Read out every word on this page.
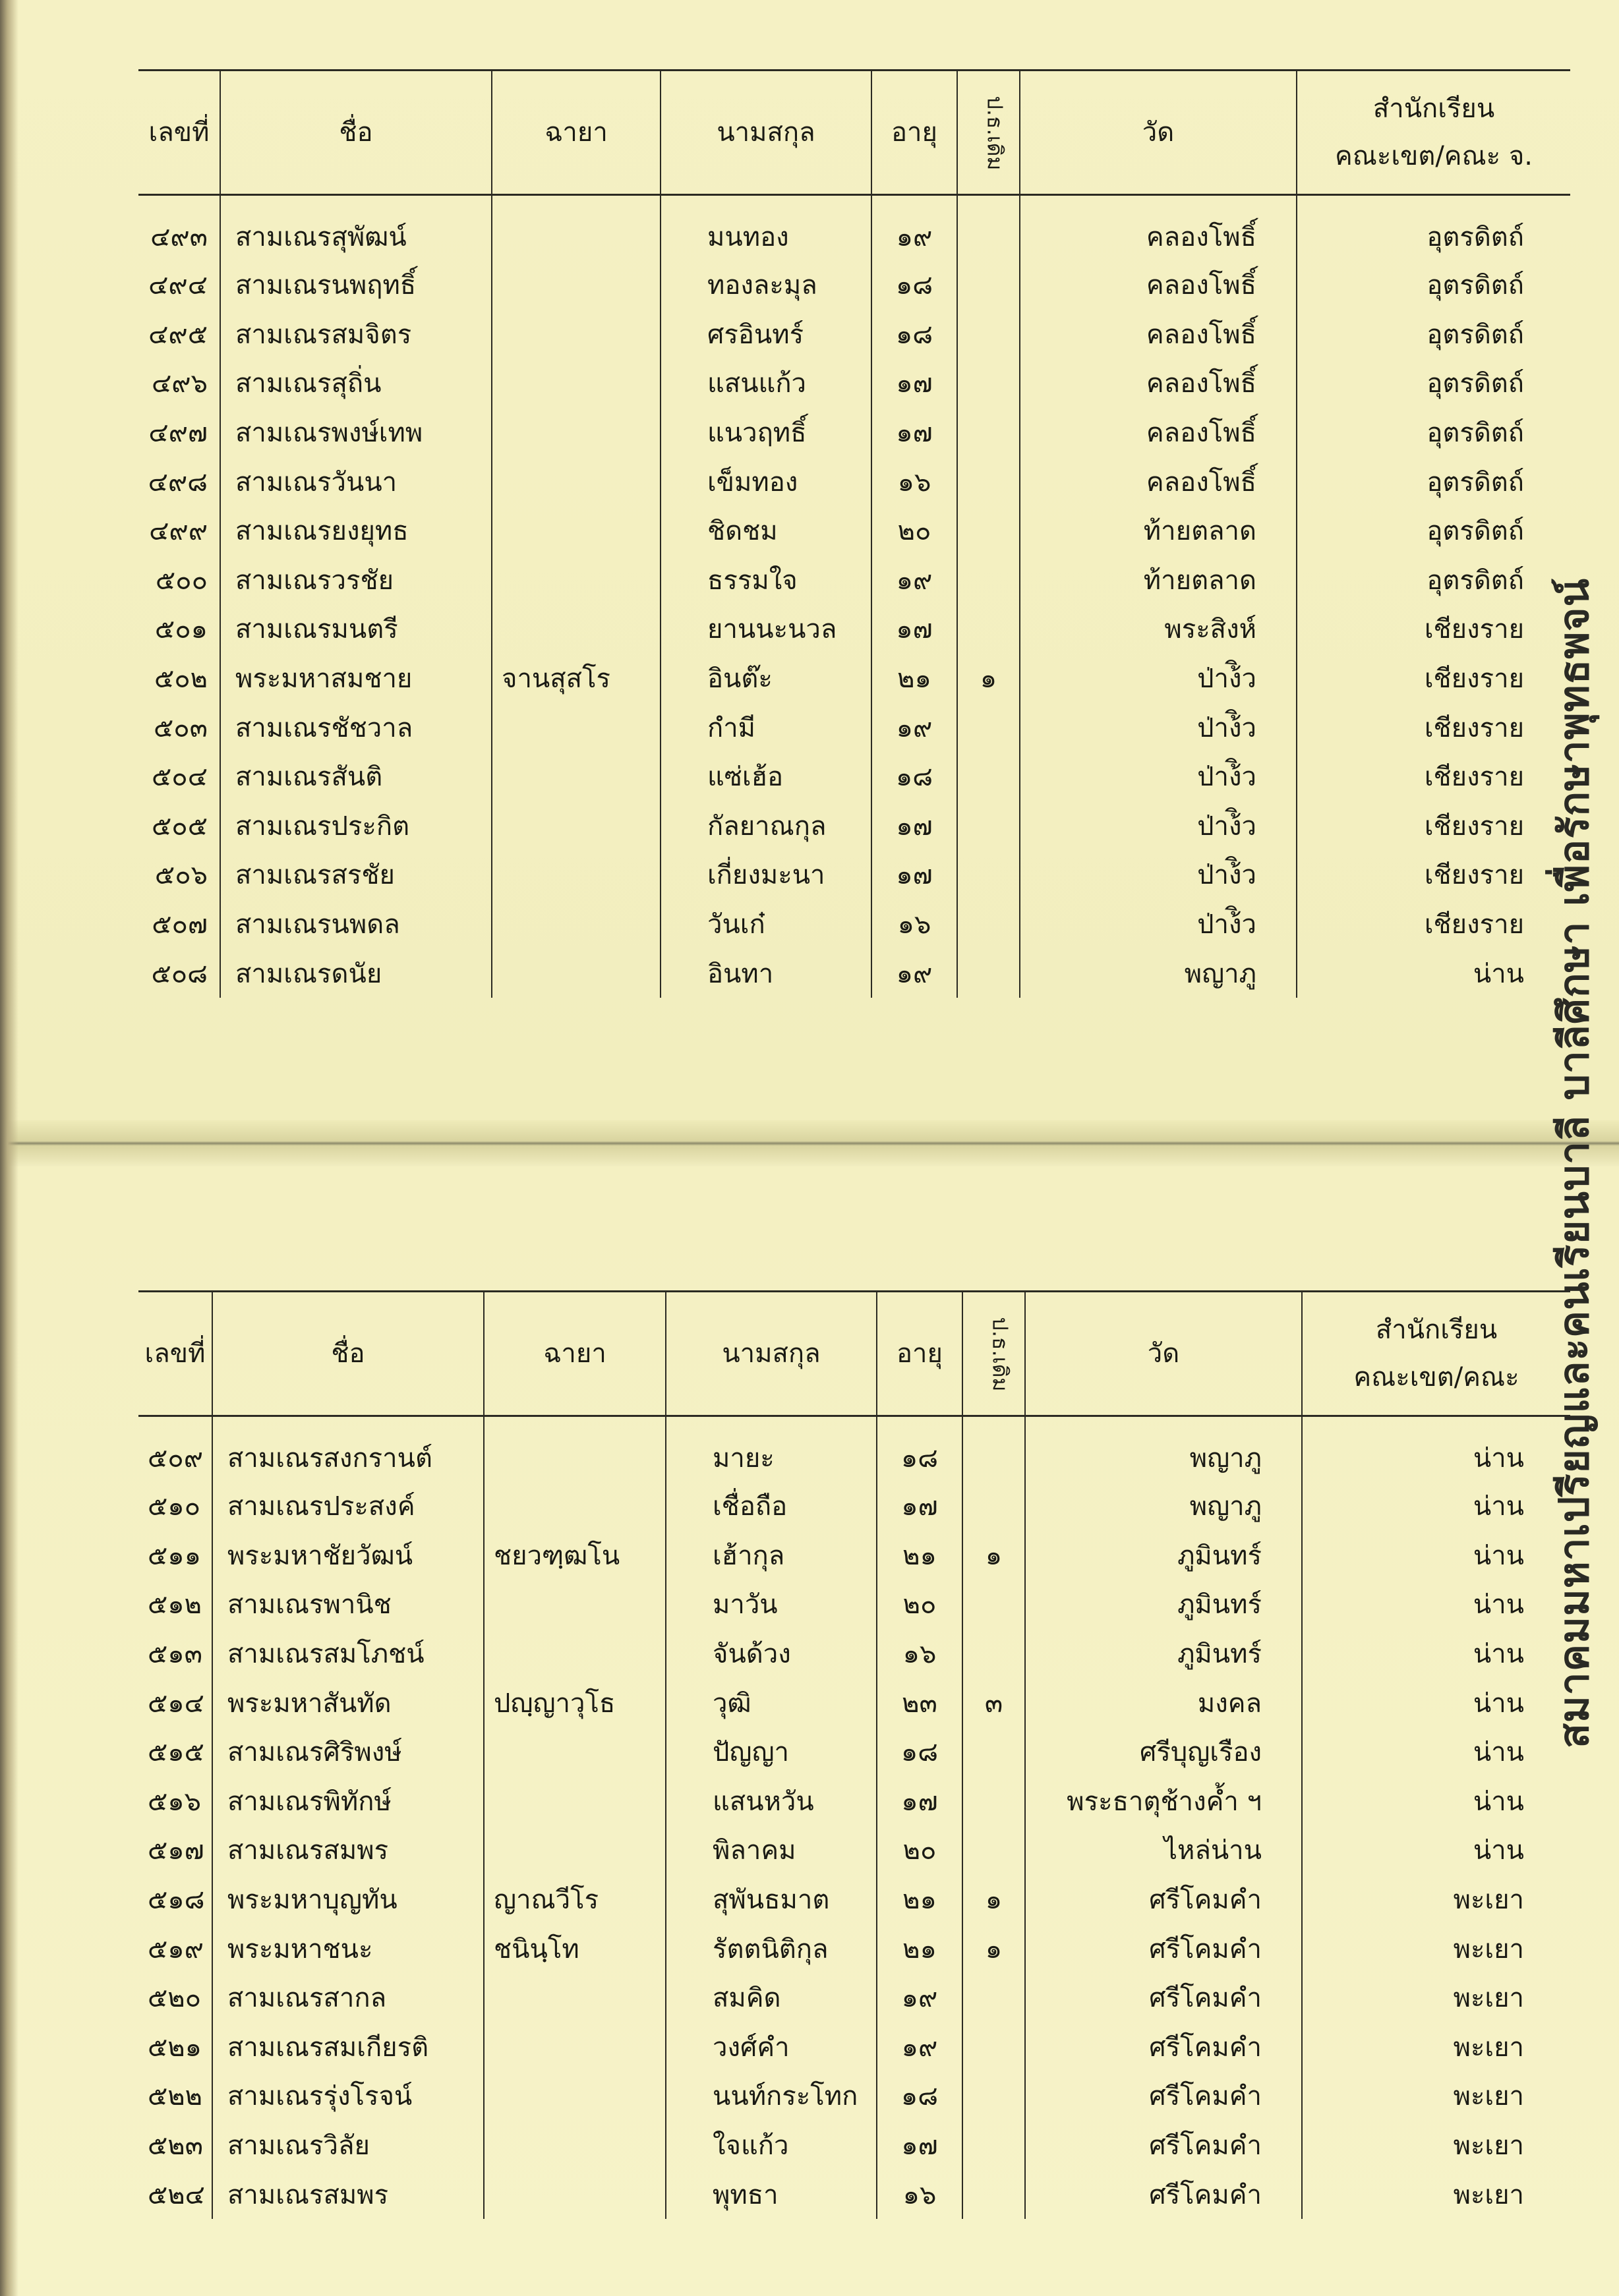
เลขที่	ชื่อ	ฉายา	นามสกุล	อายุ	ป.ธ.เดิม	วัด	สำนักเรียน
คณะเขต/คณะ จ.

๔๙๓	สามเณรสุพัฒน์		มนทอง	๑๙		คลองโพธิ์	อุตรดิตถ์
๔๙๔	สามเณรนพฤทธิ์		ทองละมุล	๑๘		คลองโพธิ์	อุตรดิตถ์
๔๙๕	สามเณรสมจิตร		ศรอินทร์	๑๘		คลองโพธิ์	อุตรดิตถ์
๔๙๖	สามเณรสุถิ่น		แสนแก้ว	๑๗		คลองโพธิ์	อุตรดิตถ์
๔๙๗	สามเณรพงษ์เทพ		แนวฤทธิ์	๑๗		คลองโพธิ์	อุตรดิตถ์
๔๙๘	สามเณรวันนา		เข็มทอง	๑๖		คลองโพธิ์	อุตรดิตถ์
๔๙๙	สามเณรยงยุทธ		ชิดชม	๒๐		ท้ายตลาด	อุตรดิตถ์
๕๐๐	สามเณรวรชัย		ธรรมใจ	๑๙		ท้ายตลาด	อุตรดิตถ์
๕๐๑	สามเณรมนตรี		ยานนะนวล	๑๗		พระสิงห์	เชียงราย
๕๐๒	พระมหาสมชาย	จานสุสโร	อินต๊ะ	๒๑	๑	ป่าง้ิว	เชียงราย
๕๐๓	สามเณรชัชวาล		กำมี	๑๙		ป่าง้ิว	เชียงราย
๕๐๔	สามเณรสันติ		แซ่เฮ้อ	๑๘		ป่าง้ิว	เชียงราย
๕๐๕	สามเณรประกิต		กัลยาณกุล	๑๗		ป่าง้ิว	เชียงราย
๕๐๖	สามเณรสรชัย		เกี่ยงมะนา	๑๗		ป่าง้ิว	เชียงราย
๕๐๗	สามเณรนพดล		วันเก๋	๑๖		ป่าง้ิว	เชียงราย
๕๐๘	สามเณรดนัย		อินทา	๑๙		พญาภู	น่าน
เลขที่	ชื่อ	ฉายา	นามสกุล	อายุ	ป.ธ.เดิม	วัด	สำนักเรียน
คณะเขต/คณะ

๕๐๙	สามเณรสงกรานต์		มายะ	๑๘		พญาภู	น่าน
๕๑๐	สามเณรประสงค์		เชื่อถือ	๑๗		พญาภู	น่าน
๕๑๑	พระมหาชัยวัฒน์	ชยวฑฺฒโน	เฮ้ากุล	๒๑	๑	ภูมินทร์	น่าน
๕๑๒	สามเณรพานิช		มาวัน	๒๐		ภูมินทร์	น่าน
๕๑๓	สามเณรสมโภชน์		จันด้วง	๑๖		ภูมินทร์	น่าน
๕๑๔	พระมหาสันทัด	ปญฺญาวุโธ	วุฒิ	๒๓	๓	มงคล	น่าน
๕๑๕	สามเณรศิริพงษ์		ปัญญา	๑๘		ศรีบุญเรือง	น่าน
๕๑๖	สามเณรพิทักษ์		แสนหวัน	๑๗		พระธาตุช้างค้ำ ฯ	น่าน
๕๑๗	สามเณรสมพร		พิลาคม	๒๐		ไหล่น่าน	น่าน
๕๑๘	พระมหาบุญทัน	ญาณวีโร	สุพันธมาต	๒๑	๑	ศรีโคมคำ	พะเยา
๕๑๙	พระมหาชนะ	ชนินฺโท	รัตตนิติกุล	๒๑	๑	ศรีโคมคำ	พะเยา
๕๒๐	สามเณรสากล		สมคิด	๑๙		ศรีโคมคำ	พะเยา
๕๒๑	สามเณรสมเกียรติ		วงศ์คำ	๑๙		ศรีโคมคำ	พะเยา
๕๒๒	สามเณรรุ่งโรจน์		นนท์กระโทก	๑๘		ศรีโคมคำ	พะเยา
๕๒๓	สามเณรวิลัย		ใจแก้ว	๑๗		ศรีโคมคำ	พะเยา
๕๒๔	สามเณรสมพร		พุทธา	๑๖		ศรีโคมคำ	พะเยา
สมาคมมหาเปรียญและคนเรียนบาลี บาลีศึกษา เพื่อรักษาพุทธพจน์
